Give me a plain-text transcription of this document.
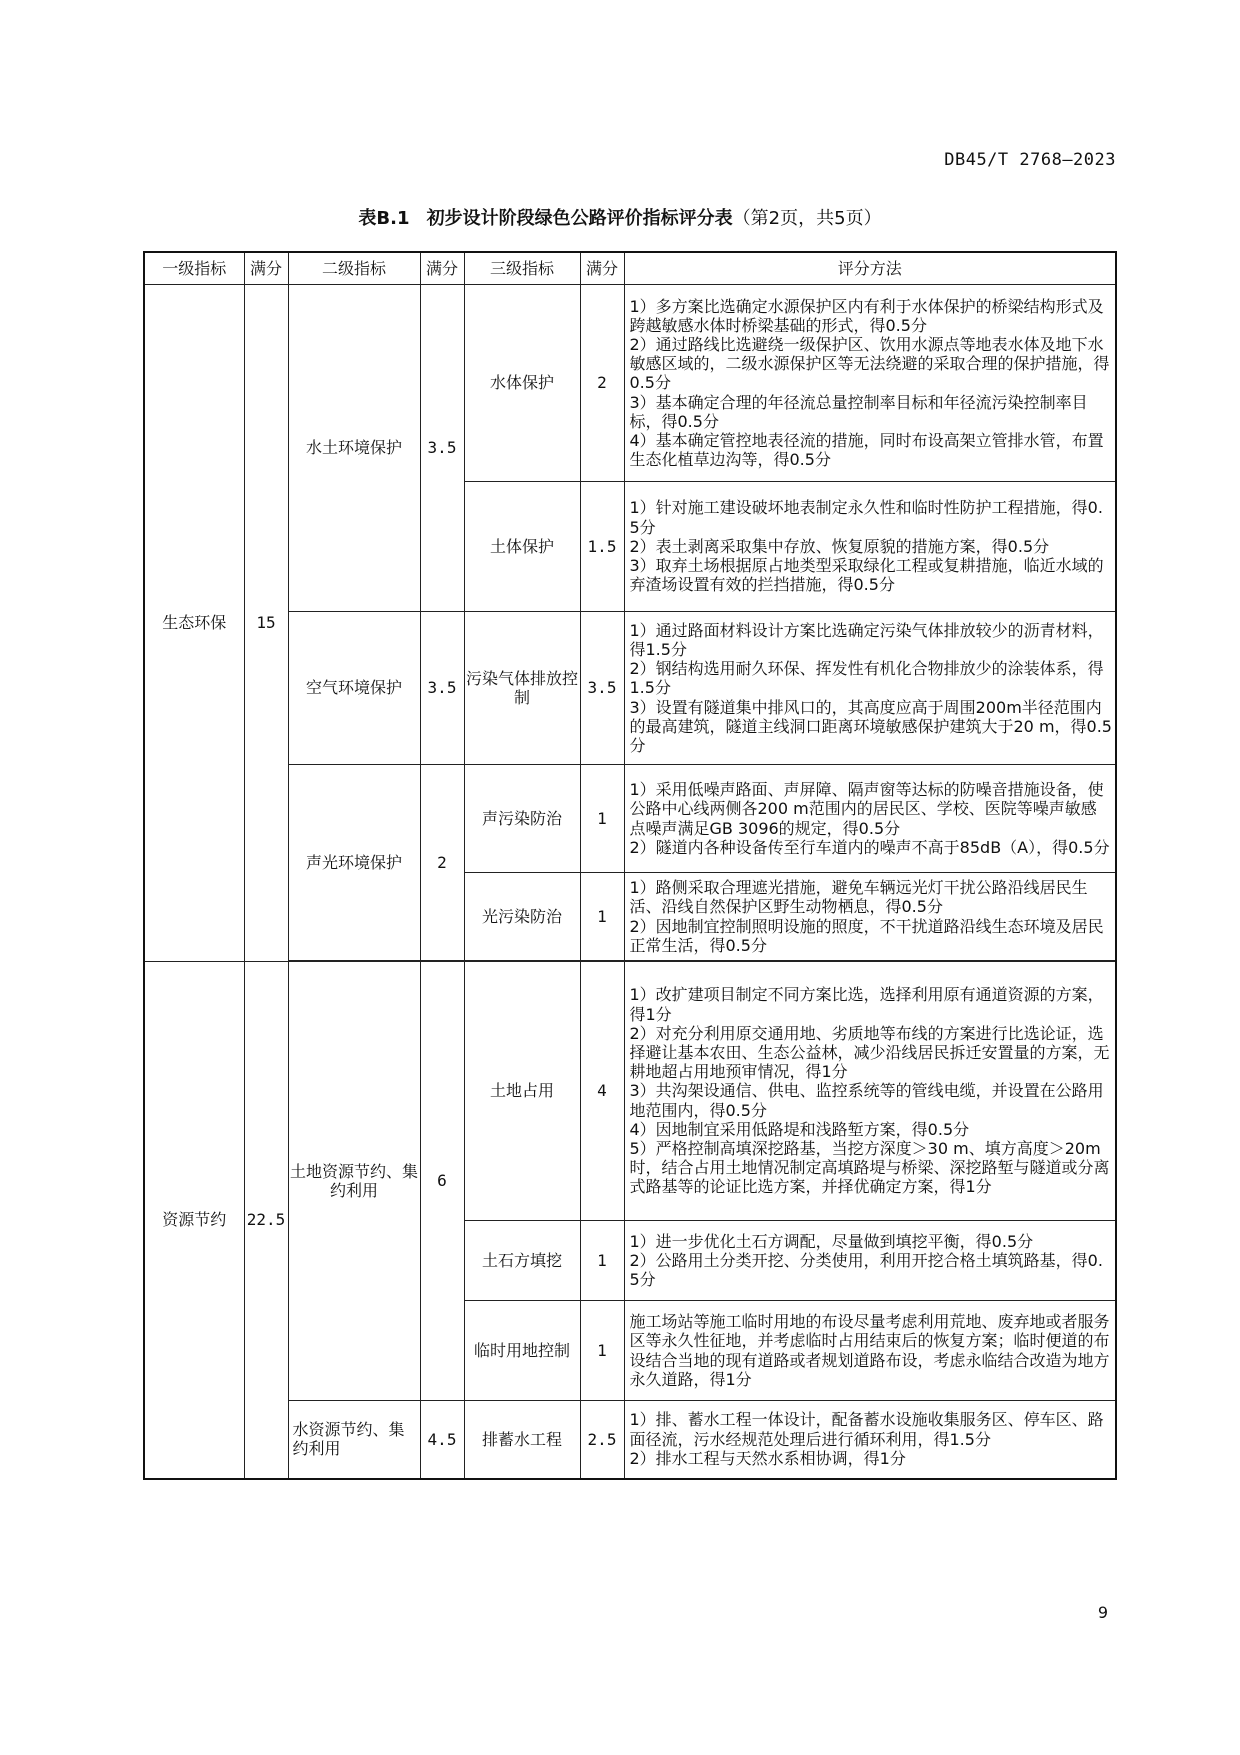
DB45/T 2768—2023
表B.1 初步设计阶段绿色公路评价指标评分表（第2页，共5页）
一级指标	满分	二级指标	满分	三级指标	满分	评分方法
生态环保	15	水土环境保护	3.5	水体保护	2	1）多方案比选确定水源保护区内有利于水体保护的桥梁结构形式及跨越敏感水体时桥梁基础的形式，得0.5分

2）通过路线比选避绕一级保护区、饮用水源点等地表水体及地下水敏感区域的，二级水源保护区等无法绕避的采取合理的保护措施，得0.5分

3）基本确定合理的年径流总量控制率目标和年径流污染控制率目标，得0.5分

4）基本确定管控地表径流的措施，同时布设高架立管排水管，布置生态化植草边沟等，得0.5分

				土体保护	1.5	1）针对施工建设破坏地表制定永久性和临时性防护工程措施，得0.5分

2）表土剥离采取集中存放、恢复原貌的措施方案，得0.5分

3）取弃土场根据原占地类型采取绿化工程或复耕措施，临近水域的弃渣场设置有效的拦挡措施，得0.5分

		空气环境保护	3.5	污染气体排放控制	3.5	1）通过路面材料设计方案比选确定污染气体排放较少的沥青材料，得1.5分

2）钢结构选用耐久环保、挥发性有机化合物排放少的涂装体系，得1.5分

3）设置有隧道集中排风口的，其高度应高于周围200m半径范围内的最高建筑，隧道主线洞口距离环境敏感保护建筑大于20 m，得0.5分

		声光环境保护	2	声污染防治	1	1）采用低噪声路面、声屏障、隔声窗等达标的防噪音措施设备，使公路中心线两侧各200 m范围内的居民区、学校、医院等噪声敏感点噪声满足GB 3096的规定，得0.5分

2）隧道内各种设备传至行车道内的噪声不高于85dB（A），得0.5分

				光污染防治	1	1）路侧采取合理遮光措施，避免车辆远光灯干扰公路沿线居民生活、沿线自然保护区野生动物栖息，得0.5分

2）因地制宜控制照明设施的照度，不干扰道路沿线生态环境及居民正常生活，得0.5分

资源节约	22.5	土地资源节约、集约利用	6	土地占用	4	1）改扩建项目制定不同方案比选，选择利用原有通道资源的方案，得1分

2）对充分利用原交通用地、劣质地等布线的方案进行比选论证，选择避让基本农田、生态公益林，减少沿线居民拆迁安置量的方案，无耕地超占用地预审情况，得1分

3）共沟架设通信、供电、监控系统等的管线电缆，并设置在公路用地范围内，得0.5分

4）因地制宜采用低路堤和浅路堑方案，得0.5分

5）严格控制高填深挖路基，当挖方深度＞30 m、填方高度＞20m时，结合占用土地情况制定高填路堤与桥梁、深挖路堑与隧道或分离式路基等的论证比选方案，并择优确定方案，得1分

				土石方填挖	1	1）进一步优化土石方调配，尽量做到填挖平衡，得0.5分

2）公路用土分类开挖、分类使用，利用开挖合格土填筑路基，得0.5分

				临时用地控制	1	施工场站等施工临时用地的布设尽量考虑利用荒地、废弃地或者服务区等永久性征地，并考虑临时占用结束后的恢复方案；临时便道的布设结合当地的现有道路或者规划道路布设，考虑永临结合改造为地方永久道路，得1分

		水资源节约、集约利用	4.5	排蓄水工程	2.5	1）排、蓄水工程一体设计，配备蓄水设施收集服务区、停车区、路面径流，污水经规范处理后进行循环利用，得1.5分

2）排水工程与天然水系相协调，得1分

9
